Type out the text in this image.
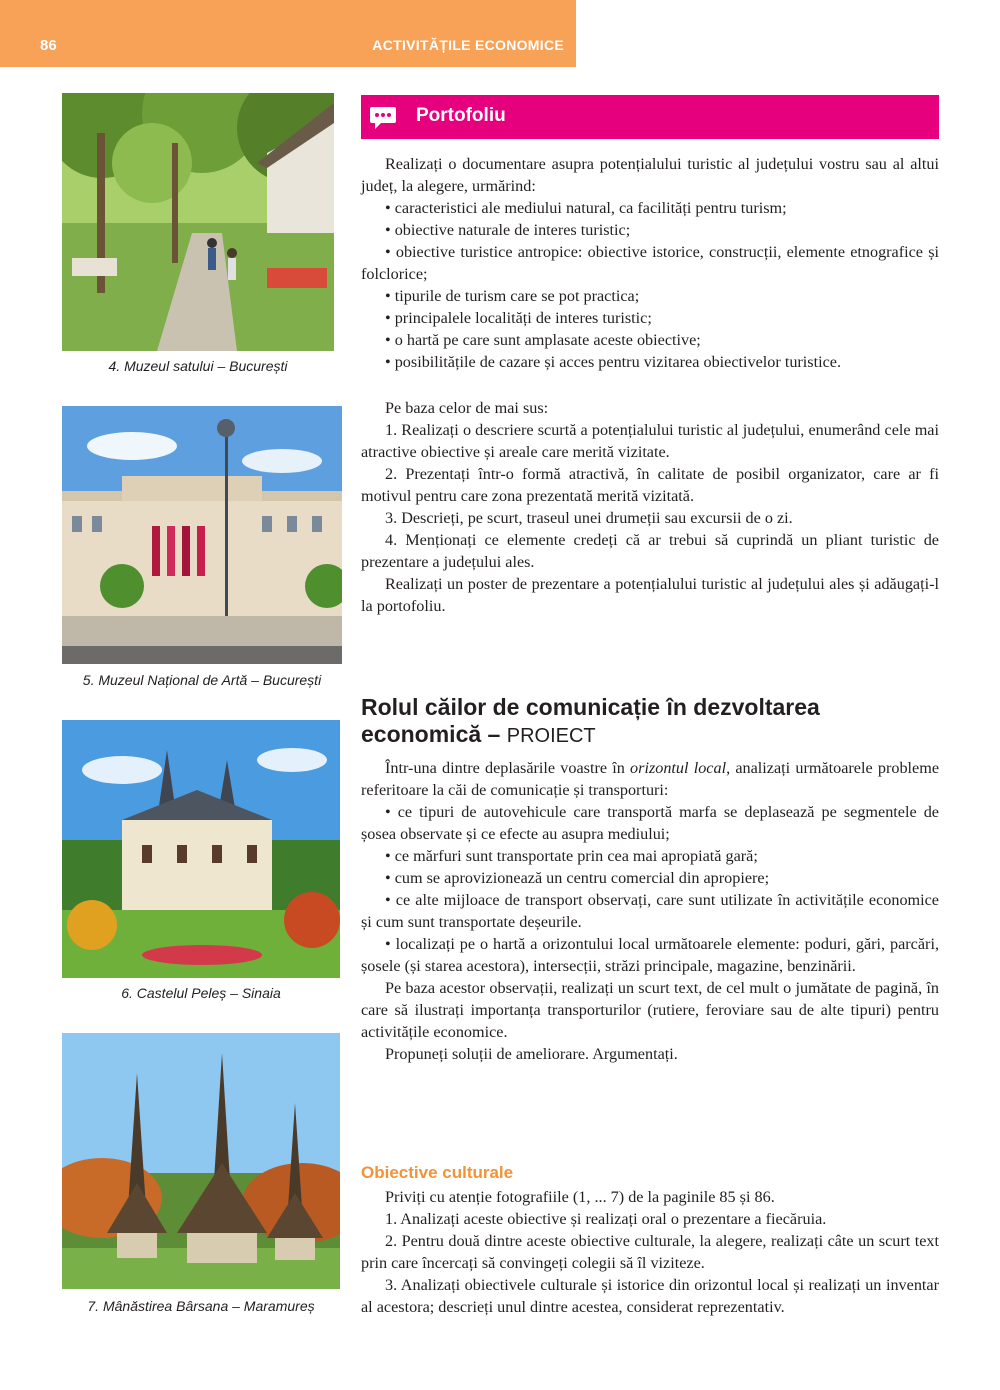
86	ACTIVITĂȚILE ECONOMICE
4. Muzeul satului – București
5. Muzeul Național de Artă – București
6. Castelul Peleș – Sinaia
7. Mânăstirea Bârsana – Maramureș
Portofoliu

Realizați o documentare asupra potențialului turistic al județului vostru sau al altui județ, la alegere, urmărind:

• caracteristici ale mediului natural, ca facilități pentru turism;

• obiective naturale de interes turistic;

• obiective turistice antropice: obiective istorice, construcții, elemente etnografice și folclorice;

• tipurile de turism care se pot practica;

• principalele localități de interes turistic;

• o hartă pe care sunt amplasate aceste obiective;

• posibilitățile de cazare și acces pentru vizitarea obiectivelor turistice.

Pe baza celor de mai sus:

1. Realizați o descriere scurtă a potențialului turistic al județului, enumerând cele mai atractive obiective și areale care merită vizitate.

2. Prezentați într-o formă atractivă, în calitate de posibil organizator, care ar fi motivul pentru care zona prezentată merită vizitată.

3. Descrieți, pe scurt, traseul unei drumeții sau excursii de o zi.

4. Menționați ce elemente credeți că ar trebui să cuprindă un pliant turistic de prezentare a județului ales.

Realizați un poster de prezentare a potențialului turistic al județului ales și adăugați-l la portofoliu.

Rolul căilor de comunicație în dezvoltarea economică – PROIECT

Într-una dintre deplasările voastre în orizontul local, analizați următoarele probleme referitoare la căi de comunicație și transporturi:

• ce tipuri de autovehicule care transportă marfa se deplasează pe segmentele de șosea observate și ce efecte au asupra mediului;

• ce mărfuri sunt transportate prin cea mai apropiată gară;

• cum se aprovizionează un centru comercial din apropiere;

• ce alte mijloace de transport observați, care sunt utilizate în activitățile economice și cum sunt transportate deșeurile.

• localizați pe o hartă a orizontului local următoarele elemente: poduri, gări, parcări, șosele (și starea acestora), intersecții, străzi principale, magazine, benzinării.

Pe baza acestor observații, realizați un scurt text, de cel mult o jumătate de pagină, în care să ilustrați importanța transporturilor (rutiere, feroviare sau de alte tipuri) pentru activitățile economice.

Propuneți soluții de ameliorare. Argumentați.

Obiective culturale

Priviți cu atenție fotografiile (1, ... 7) de la paginile 85 și 86.

1. Analizați aceste obiective și realizați oral o prezentare a fiecăruia.

2. Pentru două dintre aceste obiective culturale, la alegere, realizați câte un scurt text prin care încercați să convingeți colegii să îl viziteze.

3. Analizați obiectivele culturale și istorice din orizontul local și realizați un inventar al acestora; descrieți unul dintre acestea, considerat reprezentativ.
